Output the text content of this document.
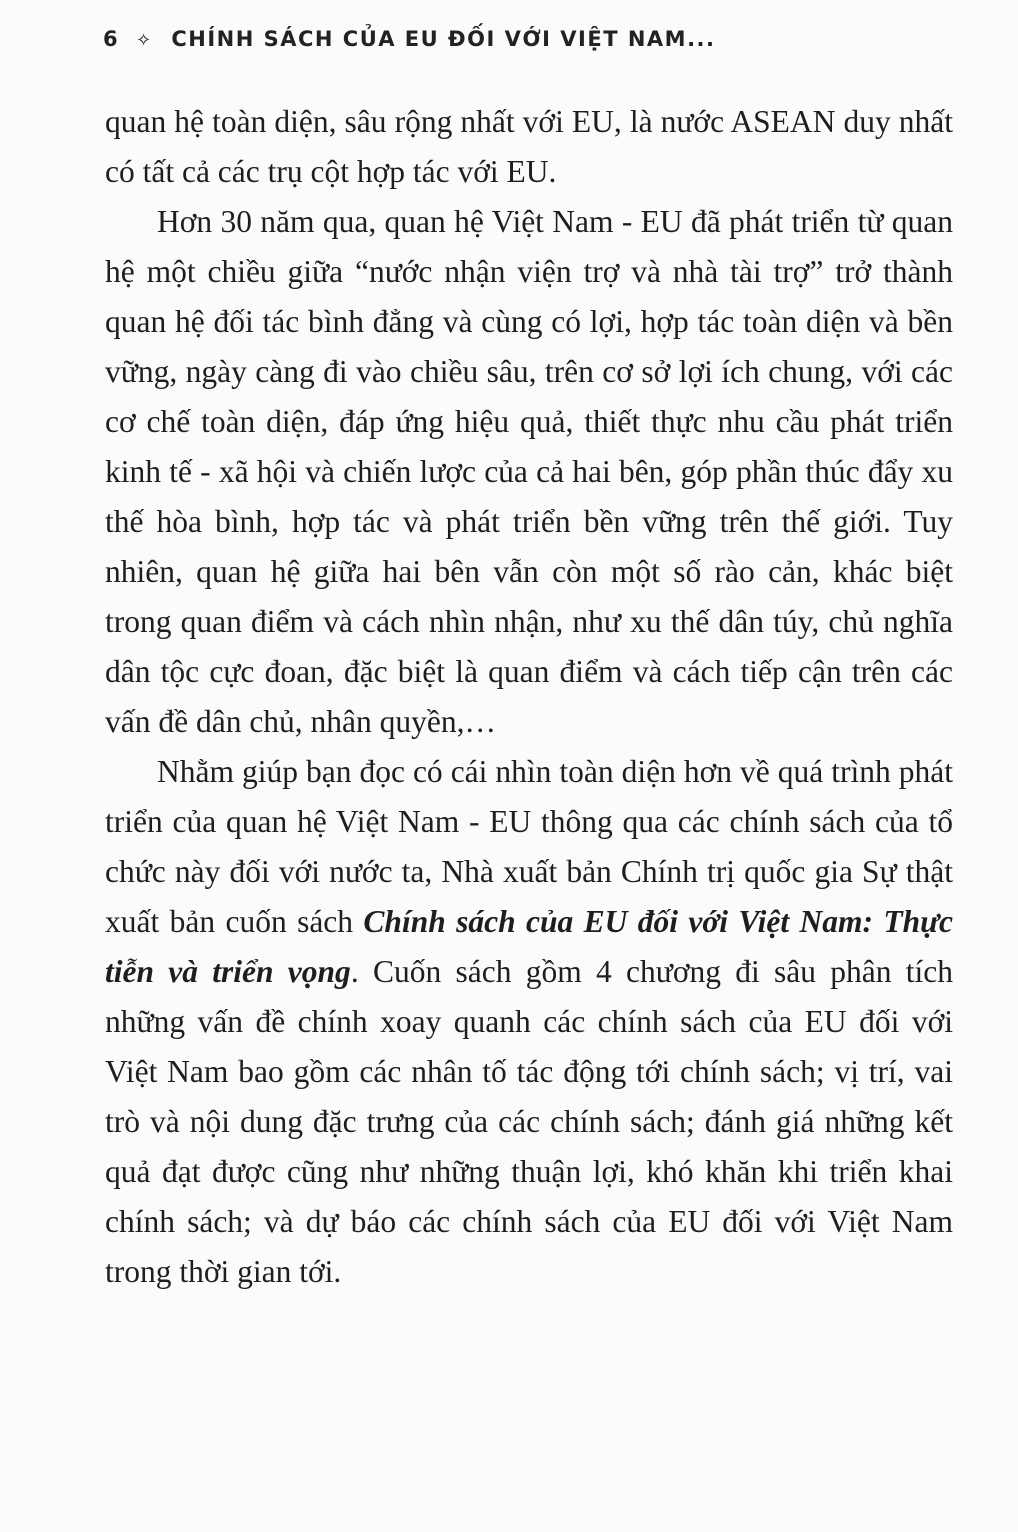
6 ✧ CHÍNH SÁCH CỦA EU ĐỐI VỚI VIỆT NAM...

quan hệ toàn diện, sâu rộng nhất với EU, là nước ASEAN duy nhất có tất cả các trụ cột hợp tác với EU.

Hơn 30 năm qua, quan hệ Việt Nam - EU đã phát triển từ quan hệ một chiều giữa “nước nhận viện trợ và nhà tài trợ” trở thành quan hệ đối tác bình đẳng và cùng có lợi, hợp tác toàn diện và bền vững, ngày càng đi vào chiều sâu, trên cơ sở lợi ích chung, với các cơ chế toàn diện, đáp ứng hiệu quả, thiết thực nhu cầu phát triển kinh tế - xã hội và chiến lược của cả hai bên, góp phần thúc đẩy xu thế hòa bình, hợp tác và phát triển bền vững trên thế giới. Tuy nhiên, quan hệ giữa hai bên vẫn còn một số rào cản, khác biệt trong quan điểm và cách nhìn nhận, như xu thế dân túy, chủ nghĩa dân tộc cực đoan, đặc biệt là quan điểm và cách tiếp cận trên các vấn đề dân chủ, nhân quyền,…

Nhằm giúp bạn đọc có cái nhìn toàn diện hơn về quá trình phát triển của quan hệ Việt Nam - EU thông qua các chính sách của tổ chức này đối với nước ta, Nhà xuất bản Chính trị quốc gia Sự thật xuất bản cuốn sách Chính sách của EU đối với Việt Nam: Thực tiễn và triển vọng. Cuốn sách gồm 4 chương đi sâu phân tích những vấn đề chính xoay quanh các chính sách của EU đối với Việt Nam bao gồm các nhân tố tác động tới chính sách; vị trí, vai trò và nội dung đặc trưng của các chính sách; đánh giá những kết quả đạt được cũng như những thuận lợi, khó khăn khi triển khai chính sách; và dự báo các chính sách của EU đối với Việt Nam trong thời gian tới.
